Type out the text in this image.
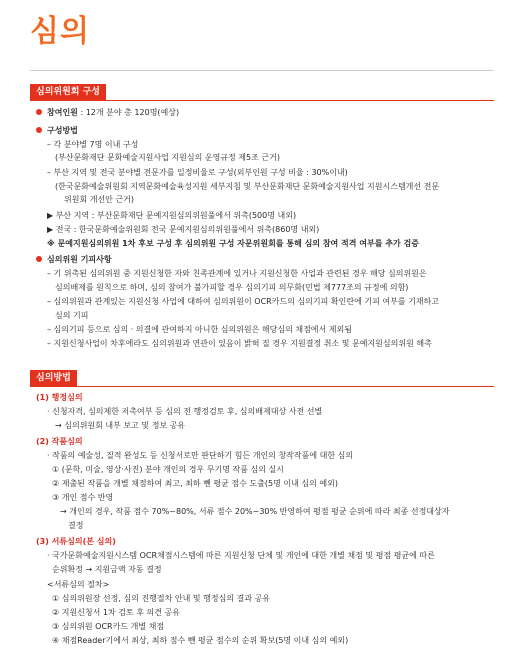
심의
심의위원회 구성
참여인원 : 12개 분야 총 120명(예상)
구성방법
– 각 분야별 7명 이내 구성
(부산문화재단 문화예술지원사업 지원심의 운영규정 제5조 근거)
– 부산 지역 및 전국 분야별 전문가를 일정비율로 구성(외부인원 구성 비율 : 30%이내)
(한국문화예술위원회 지역문화예술육성지원 세부지침 및 부산문화재단 문화예술지원사업 지원시스템개선 전문
위원회 개선안 근거)
▶ 부산 지역 : 부산문화재단 문예지원심의위원풀에서 위촉(500명 내외)
▶ 전국 : 한국문화예술위원회 전국 문예지원심의위원풀에서 위촉(860명 내외)
※ 문예지원심의위원 1차 후보 구성 후 심의위원 구성 자문위원회를 통해 심의 참여 적격 여부를 추가 검증
심의위원 기피사항
– 기 위촉된 심의위원 중 지원신청한 자와 친족관계에 있거나 지원신청한 사업과 관련된 경우 해당 심의위원은
심의배제를 원칙으로 하며, 심의 참여가 불가피할 경우 심의기피 의무화(민법 제777조의 규정에 의함)
– 심의위원과 관계있는 지원신청 사업에 대하여 심의위원이 OCR카드의 심의기피 확인란에 기피 여부를 기재하고
심의 기피
– 심의기피 등으로 심의 · 의결에 관여하지 아니한 심의위원은 해당심의 채점에서 제외됨
– 지원신청사업이 차후에라도 심의위원과 연관이 있음이 밝혀 질 경우 지원결정 취소 및 문예지원심의위원 해촉
심의방법
(1) 행정심의
· 신청자격, 심의제한 저촉여부 등 심의 전 행정검토 후, 심의배제대상 사전 선별
→ 심의위원회 내부 보고 및 정보 공유
(2) 작품심의
· 작품의 예술성, 질적 완성도 등 신청서로만 판단하기 힘든 개인의 창작작품에 대한 심의
① (문학, 미술, 영상·사진) 분야 개인의 경우 무기명 작품 심의 실시
② 제출된 작품을 개별 채점하여 최고, 최하 뺀 평균 점수 도출(5명 이내 심의 예외)
③ 개인 점수 반영
→ 개인의 경우, 작품 점수 70%~80%, 서류 점수 20%~30% 반영하여 평점 평균 순위에 따라 최종 선정대상자
결정
(3) 서류심의(본 심의)
· 국가문화예술지원시스템 OCR채점시스템에 따른 지원신청 단체 및 개인에 대한 개별 채점 및 평점 평균에 따른
순위확정 → 지원금액 자동 결정
<서류심의 절차>
① 심의위원장 선정, 심의 진행절차 안내 및 행정심의 결과 공유
② 지원신청서 1차 검토 후 의견 공유
③ 심의위원 OCR카드 개별 채점
④ 채점Reader기에서 최상, 최하 점수 뺀 평균 점수의 순위 확보(5명 이내 심의 예외)
